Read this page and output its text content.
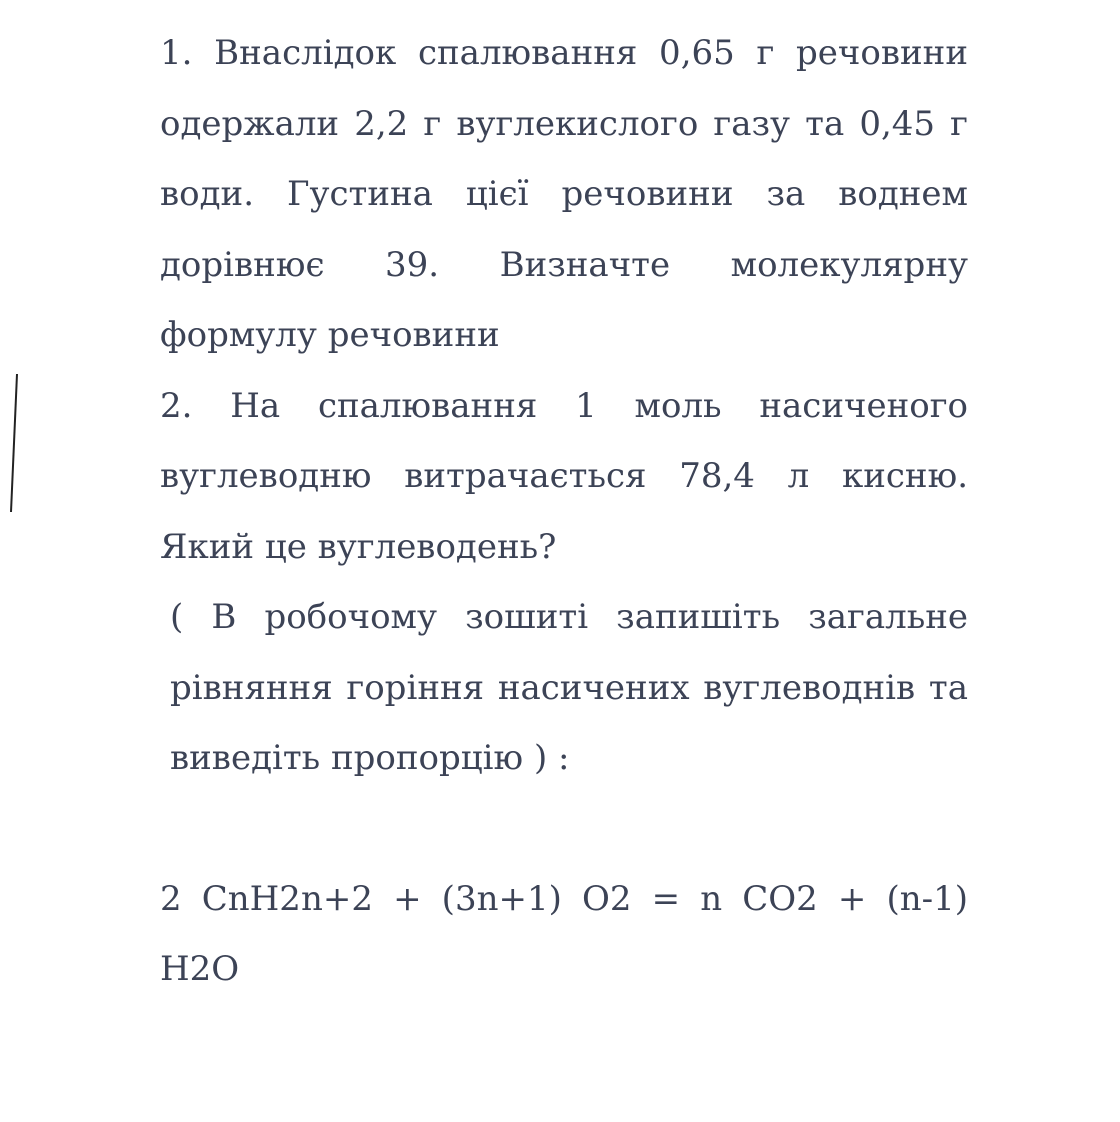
1. Внаслідок спалювання 0,65 г речовини одержали 2,2 г вуглекислого газу та 0,45 г води. Густина цієї речовини за воднем дорівнює 39. Визначте молекулярну формулу речовини

2. На спалювання 1 моль насиченого вуглеводню витрачається 78,4 л кисню. Який це вуглеводень?

( В робочому зошиті запишіть загальне рівняння горіння насичених вуглеводнів та виведіть пропорцію ) :

2 CnH2n+2 + (3n+1) O2 = n CO2 + (n-1) H2O
